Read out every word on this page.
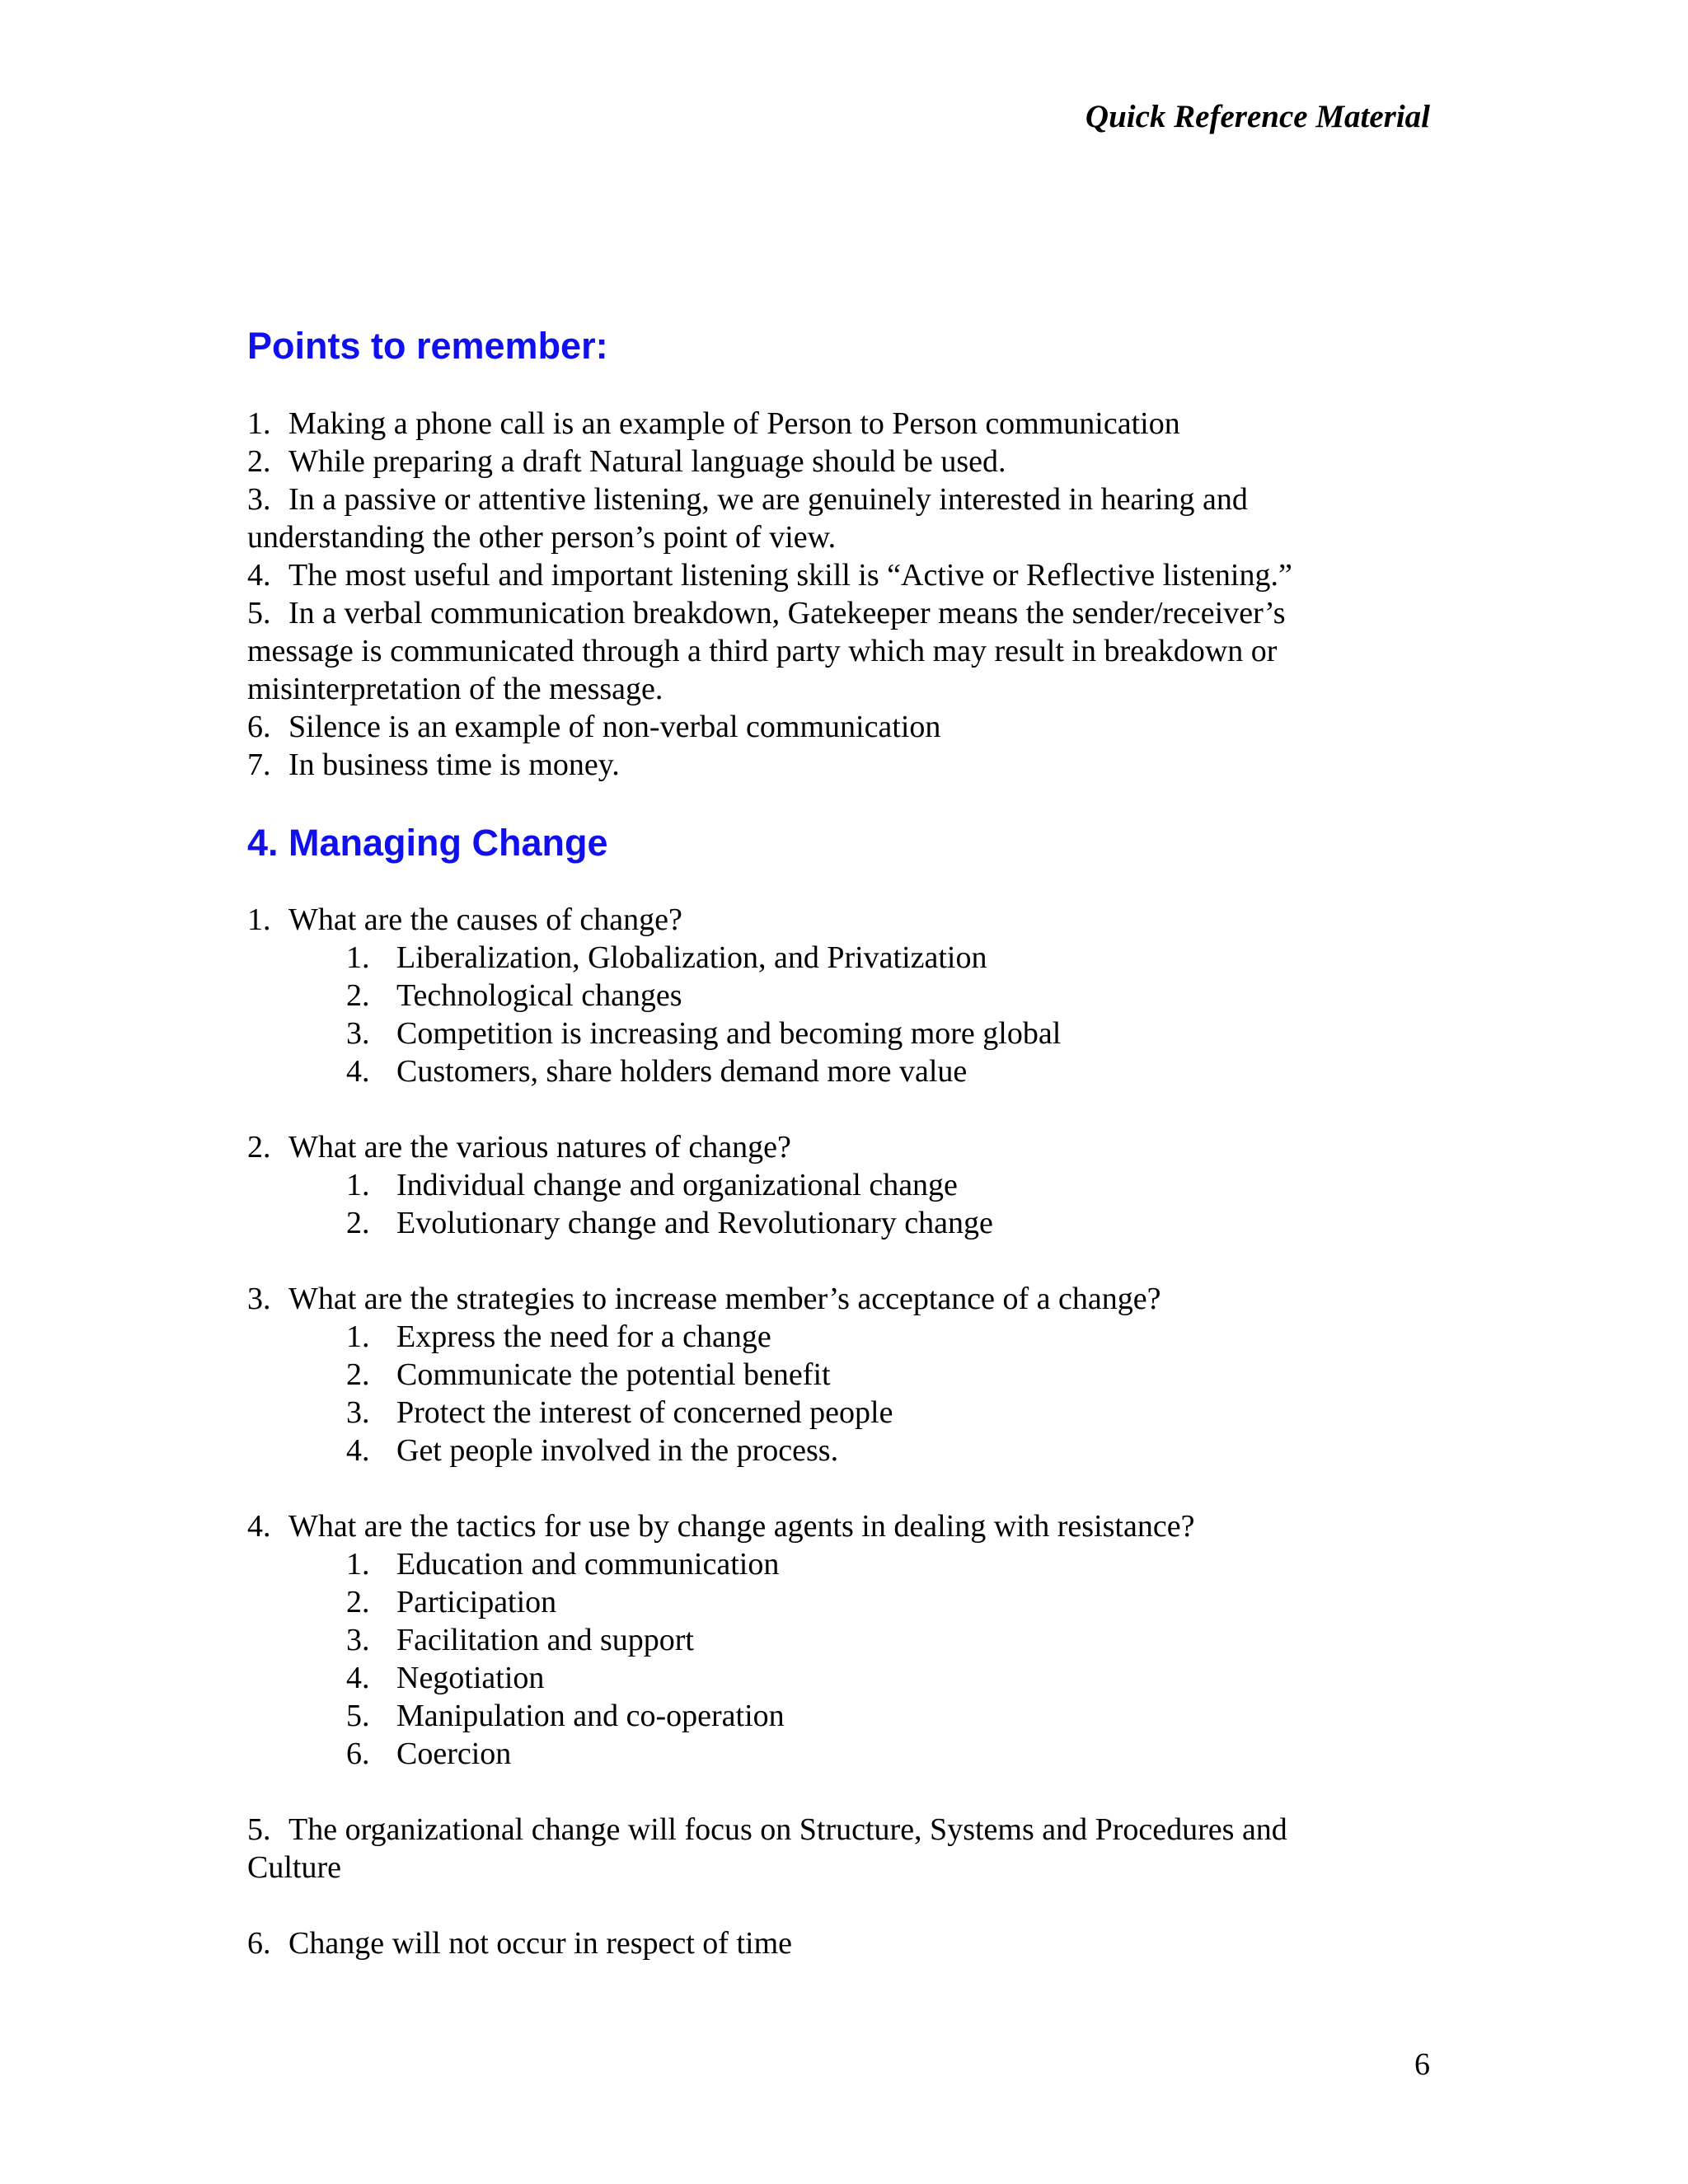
Quick Reference Material
Points to remember:

1. Making a phone call is an example of Person to Person communication

2. While preparing a draft Natural language should be used.

3. In a passive or attentive listening, we are genuinely interested in hearing and

understanding the other person’s point of view.

4. The most useful and important listening skill is “Active or Reflective listening.”

5. In a verbal communication breakdown, Gatekeeper means the sender/receiver’s

message is communicated through a third party which may result in breakdown or

misinterpretation of the message.

6. Silence is an example of non-verbal communication

7. In business time is money.

4. Managing Change

1. What are the causes of change?

1. Liberalization, Globalization, and Privatization

2. Technological changes

3. Competition is increasing and becoming more global

4. Customers, share holders demand more value

2. What are the various natures of change?

1. Individual change and organizational change

2. Evolutionary change and Revolutionary change

3. What are the strategies to increase member’s acceptance of a change?

1. Express the need for a change

2. Communicate the potential benefit

3. Protect the interest of concerned people

4. Get people involved in the process.

4. What are the tactics for use by change agents in dealing with resistance?

1. Education and communication

2. Participation

3. Facilitation and support

4. Negotiation

5. Manipulation and co-operation

6. Coercion

5. The organizational change will focus on Structure, Systems and Procedures and

Culture

6. Change will not occur in respect of time

6
